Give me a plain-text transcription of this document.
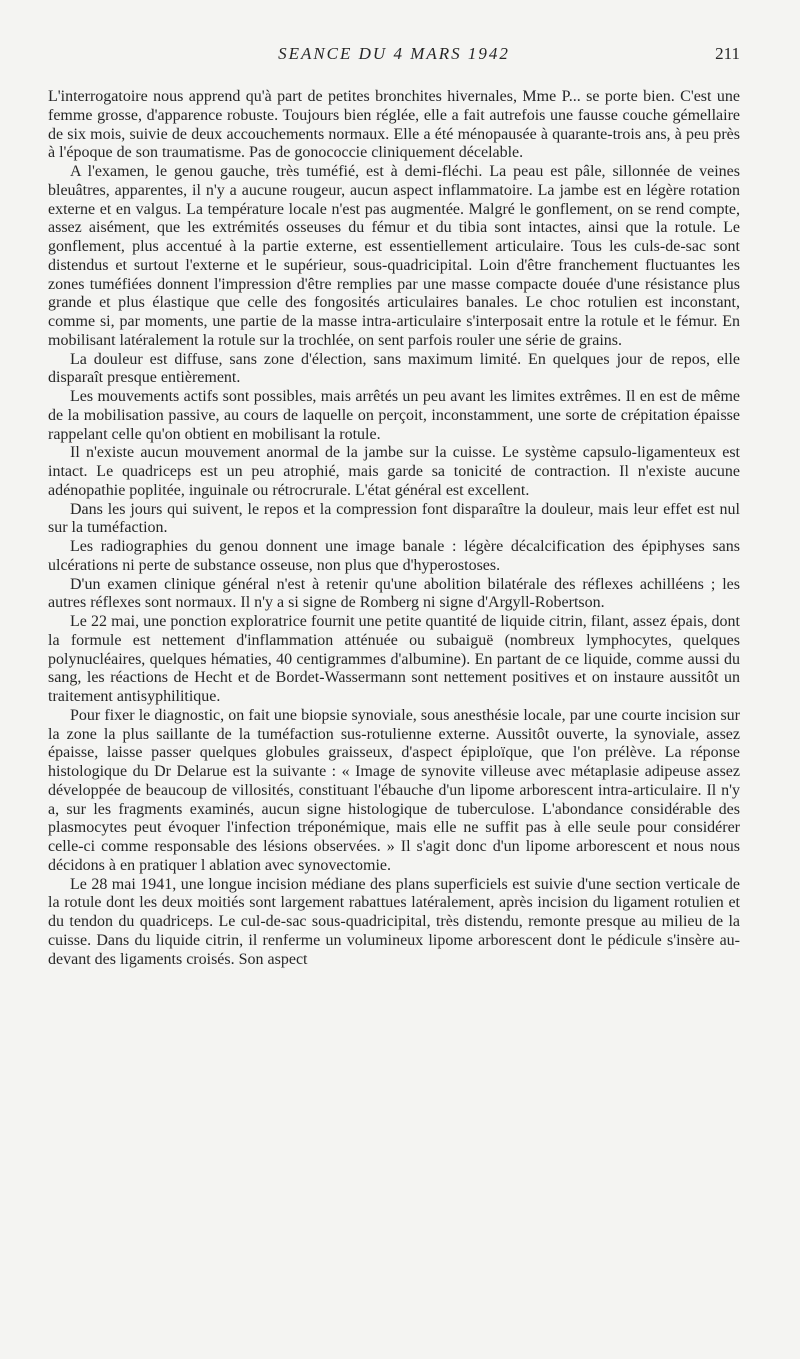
SEANCE DU 4 MARS 1942	211

L'interrogatoire nous apprend qu'à part de petites bronchites hivernales, Mme P... se porte bien. C'est une femme grosse, d'apparence robuste. Toujours bien réglée, elle a fait autrefois une fausse couche gémellaire de six mois, suivie de deux accouchements normaux. Elle a été ménopausée à quarante-trois ans, à peu près à l'époque de son traumatisme. Pas de gonococcie cliniquement décelable.

A l'examen, le genou gauche, très tuméfié, est à demi-fléchi. La peau est pâle, sillonnée de veines bleuâtres, apparentes, il n'y a aucune rougeur, aucun aspect inflammatoire. La jambe est en légère rotation externe et en valgus. La température locale n'est pas augmentée. Malgré le gonflement, on se rend compte, assez aisément, que les extrémités osseuses du fémur et du tibia sont intactes, ainsi que la rotule. Le gonflement, plus accentué à la partie externe, est essentiellement articulaire. Tous les culs-de-sac sont distendus et surtout l'externe et le supérieur, sous-quadricipital. Loin d'être franchement fluctuantes les zones tuméfiées donnent l'impression d'être remplies par une masse compacte douée d'une résistance plus grande et plus élastique que celle des fongosités articulaires banales. Le choc rotulien est inconstant, comme si, par moments, une partie de la masse intra-articulaire s'interposait entre la rotule et le fémur. En mobilisant latéralement la rotule sur la trochlée, on sent parfois rouler une série de grains.

La douleur est diffuse, sans zone d'élection, sans maximum limité. En quelques jour de repos, elle disparaît presque entièrement.

Les mouvements actifs sont possibles, mais arrêtés un peu avant les limites extrêmes. Il en est de même de la mobilisation passive, au cours de laquelle on perçoit, inconstamment, une sorte de crépitation épaisse rappelant celle qu'on obtient en mobilisant la rotule.

Il n'existe aucun mouvement anormal de la jambe sur la cuisse. Le système capsulo-ligamenteux est intact. Le quadriceps est un peu atrophié, mais garde sa tonicité de contraction. Il n'existe aucune adénopathie poplitée, inguinale ou rétrocrurale. L'état général est excellent.

Dans les jours qui suivent, le repos et la compression font disparaître la douleur, mais leur effet est nul sur la tuméfaction.

Les radiographies du genou donnent une image banale : légère décalcification des épiphyses sans ulcérations ni perte de substance osseuse, non plus que d'hyperostoses.

D'un examen clinique général n'est à retenir qu'une abolition bilatérale des réflexes achilléens ; les autres réflexes sont normaux. Il n'y a si signe de Romberg ni signe d'Argyll-Robertson.

Le 22 mai, une ponction exploratrice fournit une petite quantité de liquide citrin, filant, assez épais, dont la formule est nettement d'inflammation atténuée ou subaiguë (nombreux lymphocytes, quelques polynucléaires, quelques hématies, 40 centigrammes d'albumine). En partant de ce liquide, comme aussi du sang, les réactions de Hecht et de Bordet-Wassermann sont nettement positives et on instaure aussitôt un traitement antisyphilitique.

Pour fixer le diagnostic, on fait une biopsie synoviale, sous anesthésie locale, par une courte incision sur la zone la plus saillante de la tuméfaction sus-rotulienne externe. Aussitôt ouverte, la synoviale, assez épaisse, laisse passer quelques globules graisseux, d'aspect épiploïque, que l'on prélève. La réponse histologique du Dr Delarue est la suivante : « Image de synovite villeuse avec métaplasie adipeuse assez développée de beaucoup de villosités, constituant l'ébauche d'un lipome arborescent intra-articulaire. Il n'y a, sur les fragments examinés, aucun signe histologique de tuberculose. L'abondance considérable des plasmocytes peut évoquer l'infection tréponémique, mais elle ne suffit pas à elle seule pour considérer celle-ci comme responsable des lésions observées. » Il s'agit donc d'un lipome arborescent et nous nous décidons à en pratiquer l ablation avec synovectomie.

Le 28 mai 1941, une longue incision médiane des plans superficiels est suivie d'une section verticale de la rotule dont les deux moitiés sont largement rabattues latéralement, après incision du ligament rotulien et du tendon du quadriceps. Le cul-de-sac sous-quadricipital, très distendu, remonte presque au milieu de la cuisse. Dans du liquide citrin, il renferme un volumineux lipome arborescent dont le pédicule s'insère au-devant des ligaments croisés. Son aspect
